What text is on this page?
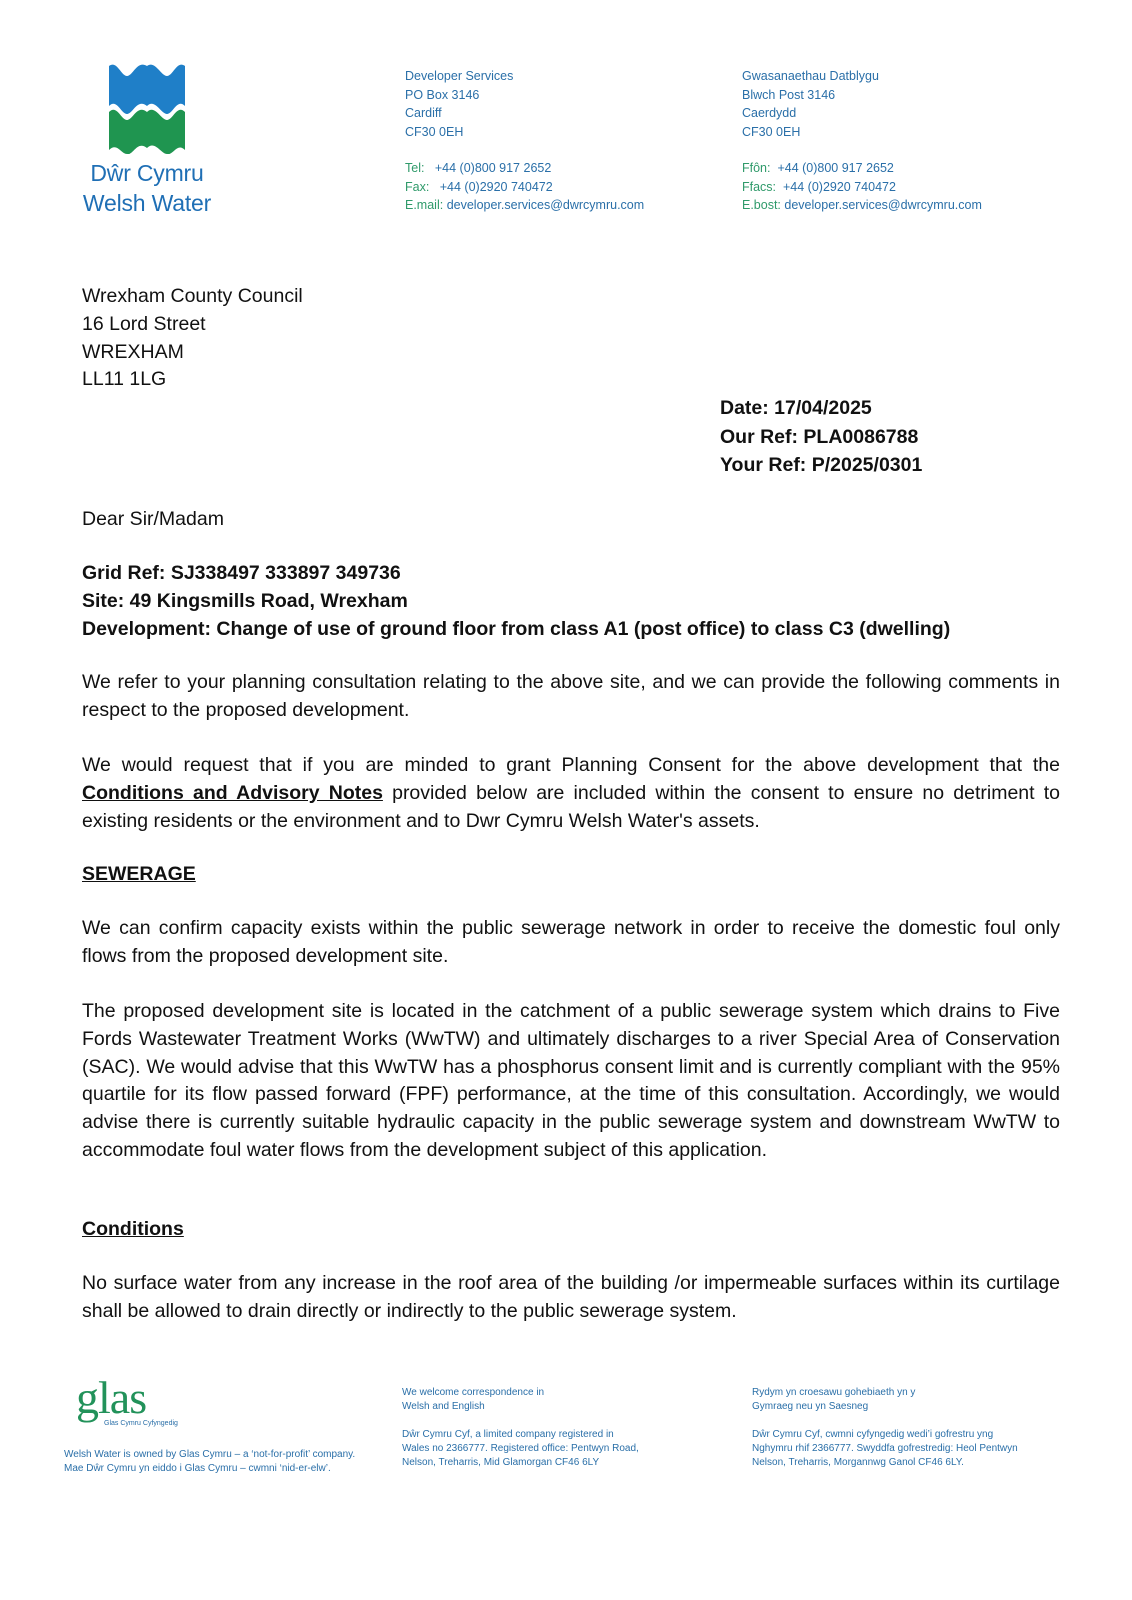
Dŵr Cymru
Welsh Water
Developer Services
PO Box 3146
Cardiff
CF30 0EH
Tel: +44 (0)800 917 2652
Fax: +44 (0)2920 740472
E.mail: developer.services@dwrcymru.com
Gwasanaethau Datblygu
Blwch Post 3146
Caerdydd
CF30 0EH
Ffôn: +44 (0)800 917 2652
Ffacs: +44 (0)2920 740472
E.bost: developer.services@dwrcymru.com
Wrexham County Council
16 Lord Street
WREXHAM
LL11 1LG
Date: 17/04/2025
Our Ref: PLA0086788
Your Ref: P/2025/0301
Dear Sir/Madam
Grid Ref: SJ338497 333897 349736
Site: 49 Kingsmills Road, Wrexham
Development: Change of use of ground floor from class A1 (post office) to class C3 (dwelling)
We refer to your planning consultation relating to the above site, and we can provide the following comments in respect to the proposed development.
We would request that if you are minded to grant Planning Consent for the above development that the Conditions and Advisory Notes provided below are included within the consent to ensure no detriment to existing residents or the environment and to Dwr Cymru Welsh Water's assets.
SEWERAGE
We can confirm capacity exists within the public sewerage network in order to receive the domestic foul only flows from the proposed development site.
The proposed development site is located in the catchment of a public sewerage system which drains to Five Fords Wastewater Treatment Works (WwTW) and ultimately discharges to a river Special Area of Conservation (SAC). We would advise that this WwTW has a phosphorus consent limit and is currently compliant with the 95% quartile for its flow passed forward (FPF) performance, at the time of this consultation. Accordingly, we would advise there is currently suitable hydraulic capacity in the public sewerage system and downstream WwTW to accommodate foul water flows from the development subject of this application.
Conditions
No surface water from any increase in the roof area of the building /or impermeable surfaces within its curtilage shall be allowed to drain directly or indirectly to the public sewerage system.
glas
Glas Cymru Cyfyngedig
Welsh Water is owned by Glas Cymru – a ‘not-for-profit’ company.
Mae Dŵr Cymru yn eiddo i Glas Cymru – cwmni ‘nid-er-elw’.
We welcome correspondence in
Welsh and English
Dŵr Cymru Cyf, a limited company registered in
Wales no 2366777. Registered office: Pentwyn Road,
Nelson, Treharris, Mid Glamorgan CF46 6LY
Rydym yn croesawu gohebiaeth yn y
Gymraeg neu yn Saesneg
Dŵr Cymru Cyf, cwmni cyfyngedig wedi’i gofrestru yng
Nghymru rhif 2366777. Swyddfa gofrestredig: Heol Pentwyn
Nelson, Treharris, Morgannwg Ganol CF46 6LY.
